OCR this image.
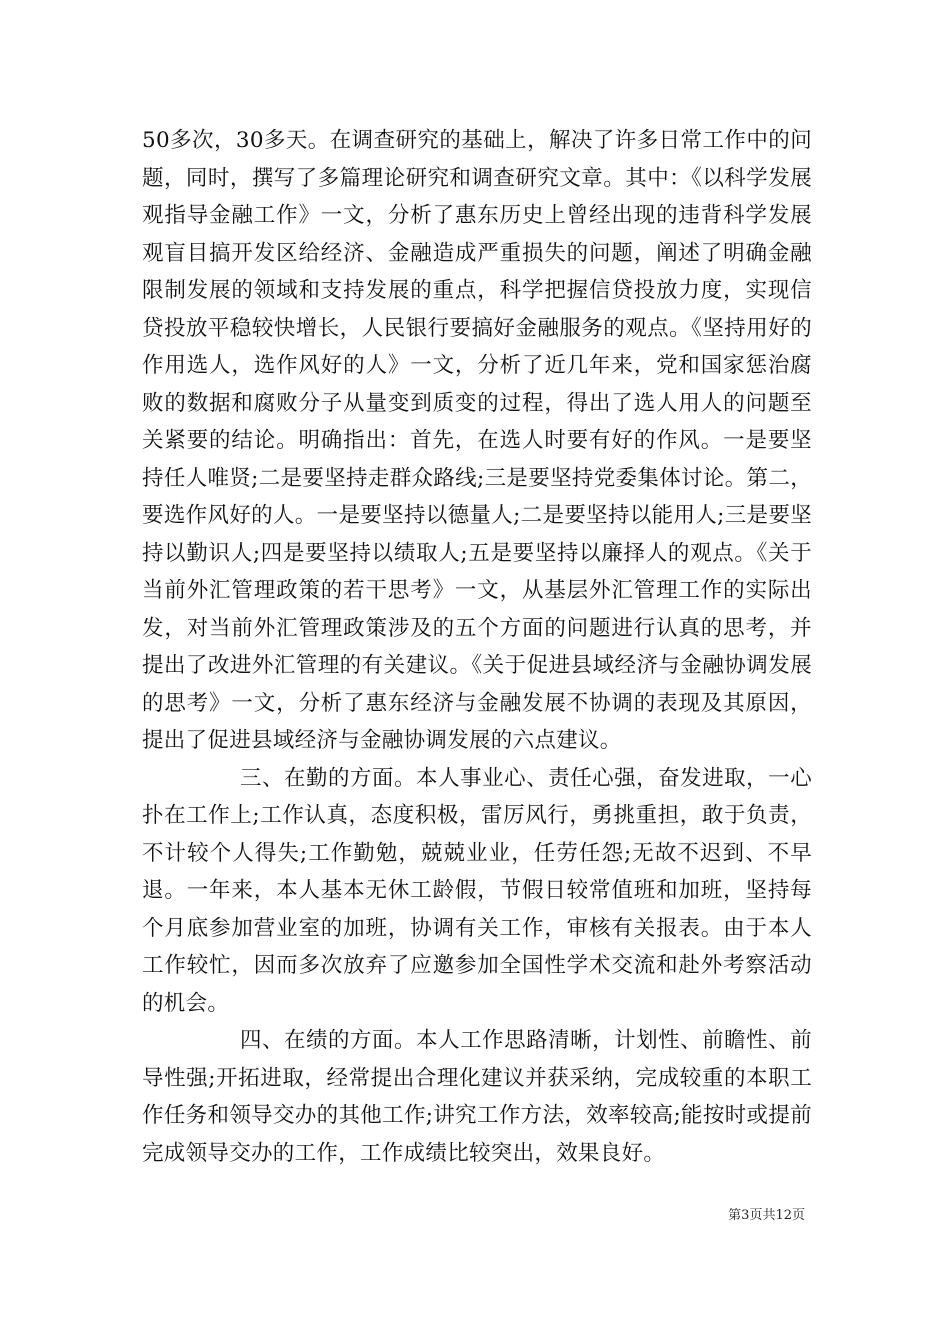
50多次，30多天。在调查研究的基础上，解决了许多日常工作中的问题，同时，撰写了多篇理论研究和调查研究文章。其中：《以科学发展观指导金融工作》一文，分析了惠东历史上曾经出现的违背科学发展观盲目搞开发区给经济、金融造成严重损失的问题，阐述了明确金融限制发展的领域和支持发展的重点，科学把握信贷投放力度，实现信贷投放平稳较快增长，人民银行要搞好金融服务的观点。《坚持用好的作用选人，选作风好的人》一文，分析了近几年来，党和国家惩治腐败的数据和腐败分子从量变到质变的过程，得出了选人用人的问题至关紧要的结论。明确指出：首先，在选人时要有好的作风。一是要坚持任人唯贤;二是要坚持走群众路线;三是要坚持党委集体讨论。第二，要选作风好的人。一是要坚持以德量人;二是要坚持以能用人;三是要坚持以勤识人;四是要坚持以绩取人;五是要坚持以廉择人的观点。《关于当前外汇管理政策的若干思考》一文，从基层外汇管理工作的实际出发，对当前外汇管理政策涉及的五个方面的问题进行认真的思考，并提出了改进外汇管理的有关建议。《关于促进县域经济与金融协调发展的思考》一文，分析了惠东经济与金融发展不协调的表现及其原因，提出了促进县域经济与金融协调发展的六点建议。

三、在勤的方面。本人事业心、责任心强，奋发进取，一心扑在工作上;工作认真，态度积极，雷厉风行，勇挑重担，敢于负责，不计较个人得失;工作勤勉，兢兢业业，任劳任怨;无故不迟到、不早退。一年来，本人基本无休工龄假，节假日较常值班和加班，坚持每个月底参加营业室的加班，协调有关工作，审核有关报表。由于本人工作较忙，因而多次放弃了应邀参加全国性学术交流和赴外考察活动的机会。

四、在绩的方面。本人工作思路清晰，计划性、前瞻性、前导性强;开拓进取，经常提出合理化建议并获采纳，完成较重的本职工作任务和领导交办的其他工作;讲究工作方法，效率较高;能按时或提前完成领导交办的工作，工作成绩比较突出，效果良好。

第3页共12页
